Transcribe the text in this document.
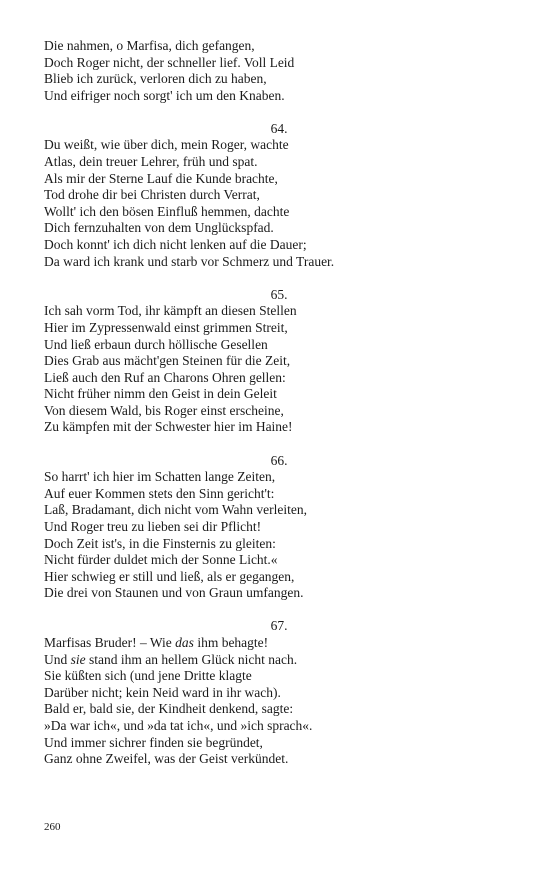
Die nahmen, o Marfisa, dich gefangen,
Doch Roger nicht, der schneller lief. Voll Leid
Blieb ich zurück, verloren dich zu haben,
Und eifriger noch sorgt' ich um den Knaben.
64.
Du weißt, wie über dich, mein Roger, wachte
Atlas, dein treuer Lehrer, früh und spat.
Als mir der Sterne Lauf die Kunde brachte,
Tod drohe dir bei Christen durch Verrat,
Wollt' ich den bösen Einfluß hemmen, dachte
Dich fernzuhalten von dem Unglückspfad.
Doch konnt' ich dich nicht lenken auf die Dauer;
Da ward ich krank und starb vor Schmerz und Trauer.
65.
Ich sah vorm Tod, ihr kämpft an diesen Stellen
Hier im Zypressenwald einst grimmen Streit,
Und ließ erbaun durch höllische Gesellen
Dies Grab aus mächt'gen Steinen für die Zeit,
Ließ auch den Ruf an Charons Ohren gellen:
Nicht früher nimm den Geist in dein Geleit
Von diesem Wald, bis Roger einst erscheine,
Zu kämpfen mit der Schwester hier im Haine!
66.
So harrt' ich hier im Schatten lange Zeiten,
Auf euer Kommen stets den Sinn gericht't:
Laß, Bradamant, dich nicht vom Wahn verleiten,
Und Roger treu zu lieben sei dir Pflicht!
Doch Zeit ist's, in die Finsternis zu gleiten:
Nicht fürder duldet mich der Sonne Licht.«
Hier schwieg er still und ließ, als er gegangen,
Die drei von Staunen und von Graun umfangen.
67.
Marfisas Bruder! – Wie das ihm behagte!
Und sie stand ihm an hellem Glück nicht nach.
Sie küßten sich (und jene Dritte klagte
Darüber nicht; kein Neid ward in ihr wach).
Bald er, bald sie, der Kindheit denkend, sagte:
»Da war ich«, und »da tat ich«, und »ich sprach«.
Und immer sichrer finden sie begründet,
Ganz ohne Zweifel, was der Geist verkündet.
260
